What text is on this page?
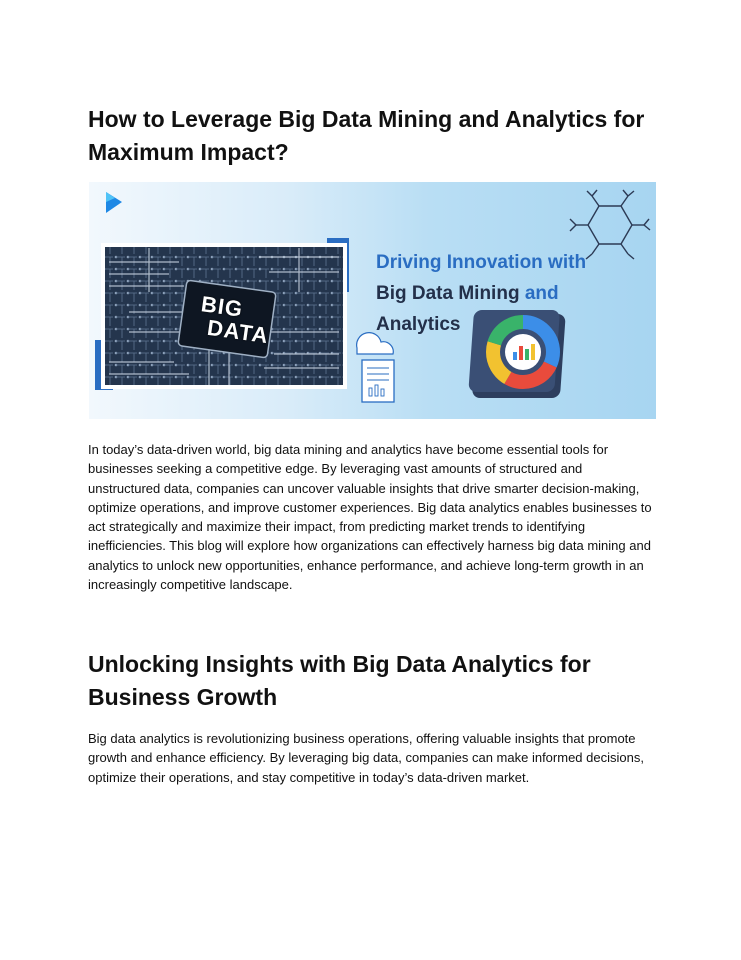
How to Leverage Big Data Mining and Analytics for Maximum Impact?
BIG
DATA

Driving Innovation with

Big Data Mining and

Analytics

In today’s data-driven world, big data mining and analytics have become essential tools for businesses seeking a competitive edge. By leveraging vast amounts of structured and unstructured data, companies can uncover valuable insights that drive smarter decision-making, optimize operations, and improve customer experiences. Big data analytics enables businesses to act strategically and maximize their impact, from predicting market trends to identifying inefficiencies. This blog will explore how organizations can effectively harness big data mining and analytics to unlock new opportunities, enhance performance, and achieve long-term growth in an increasingly competitive landscape.

Unlocking Insights with Big Data Analytics for Business Growth

Big data analytics is revolutionizing business operations, offering valuable insights that promote growth and enhance efficiency. By leveraging big data, companies can make informed decisions, optimize their operations, and stay competitive in today’s data-driven market.
